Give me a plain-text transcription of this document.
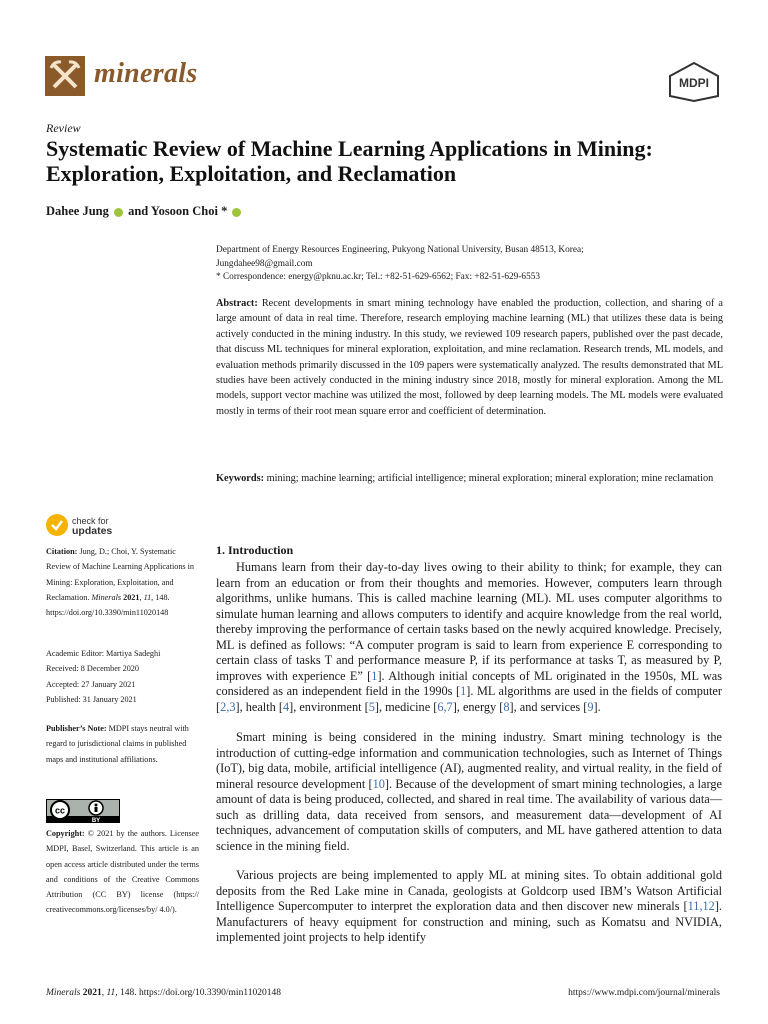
minerals	MDPI
Review
Systematic Review of Machine Learning Applications in Mining: Exploration, Exploitation, and Reclamation
Dahee Jung and Yosoon Choi *
Department of Energy Resources Engineering, Pukyong National University, Busan 48513, Korea;
Jungdahee98@gmail.com
* Correspondence: energy@pknu.ac.kr; Tel.: +82-51-629-6562; Fax: +82-51-629-6553
Abstract: Recent developments in smart mining technology have enabled the production, collection, and sharing of a large amount of data in real time. Therefore, research employing machine learning (ML) that utilizes these data is being actively conducted in the mining industry. In this study, we reviewed 109 research papers, published over the past decade, that discuss ML techniques for mineral exploration, exploitation, and mine reclamation. Research trends, ML models, and evaluation methods primarily discussed in the 109 papers were systematically analyzed. The results demonstrated that ML studies have been actively conducted in the mining industry since 2018, mostly for mineral exploration. Among the ML models, support vector machine was utilized the most, followed by deep learning models. The ML models were evaluated mostly in terms of their root mean square error and coefficient of determination.
Keywords: mining; machine learning; artificial intelligence; mineral exploration; mineral exploration; mine reclamation
check for
updates
Citation: Jung, D.; Choi, Y. Systematic Review of Machine Learning Applications in Mining: Exploration, Exploitation, and Reclamation. Minerals 2021, 11, 148. https://doi.org/10.3390/min11020148
Academic Editor: Martiya Sadeghi
Received: 8 December 2020
Accepted: 27 January 2021
Published: 31 January 2021
Publisher’s Note: MDPI stays neutral with regard to jurisdictional claims in published maps and institutional affiliations.
cc
BY
Copyright: © 2021 by the authors. Licensee MDPI, Basel, Switzerland. This article is an open access article distributed under the terms and conditions of the Creative Commons Attribution (CC BY) license (https:// creativecommons.org/licenses/by/ 4.0/).
1. Introduction
Humans learn from their day-to-day lives owing to their ability to think; for example, they can learn from an education or from their thoughts and memories. However, computers learn through algorithms, unlike humans. This is called machine learning (ML). ML uses computer algorithms to simulate human learning and allows computers to identify and acquire knowledge from the real world, thereby improving the performance of certain tasks based on the newly acquired knowledge. Precisely, ML is defined as follows: “A computer program is said to learn from experience E corresponding to certain class of tasks T and performance measure P, if its performance at tasks T, as measured by P, improves with experience E” [1]. Although initial concepts of ML originated in the 1950s, ML was considered as an independent field in the 1990s [1]. ML algorithms are used in the fields of computer [2,3], health [4], environment [5], medicine [6,7], energy [8], and services [9].
Smart mining is being considered in the mining industry. Smart mining technology is the introduction of cutting-edge information and communication technologies, such as Internet of Things (IoT), big data, mobile, artificial intelligence (AI), augmented reality, and virtual reality, in the field of mineral resource development [10]. Because of the development of smart mining technologies, a large amount of data is being produced, collected, and shared in real time. The availability of various data—such as drilling data, data received from sensors, and measurement data—development of AI techniques, advancement of computation skills of computers, and ML have gathered attention to data science in the mining field.
Various projects are being implemented to apply ML at mining sites. To obtain additional gold deposits from the Red Lake mine in Canada, geologists at Goldcorp used IBM’s Watson Artificial Intelligence Supercomputer to interpret the exploration data and then discover new minerals [11,12]. Manufacturers of heavy equipment for construction and mining, such as Komatsu and NVIDIA, implemented joint projects to help identify
Minerals 2021, 11, 148. https://doi.org/10.3390/min11020148	https://www.mdpi.com/journal/minerals
